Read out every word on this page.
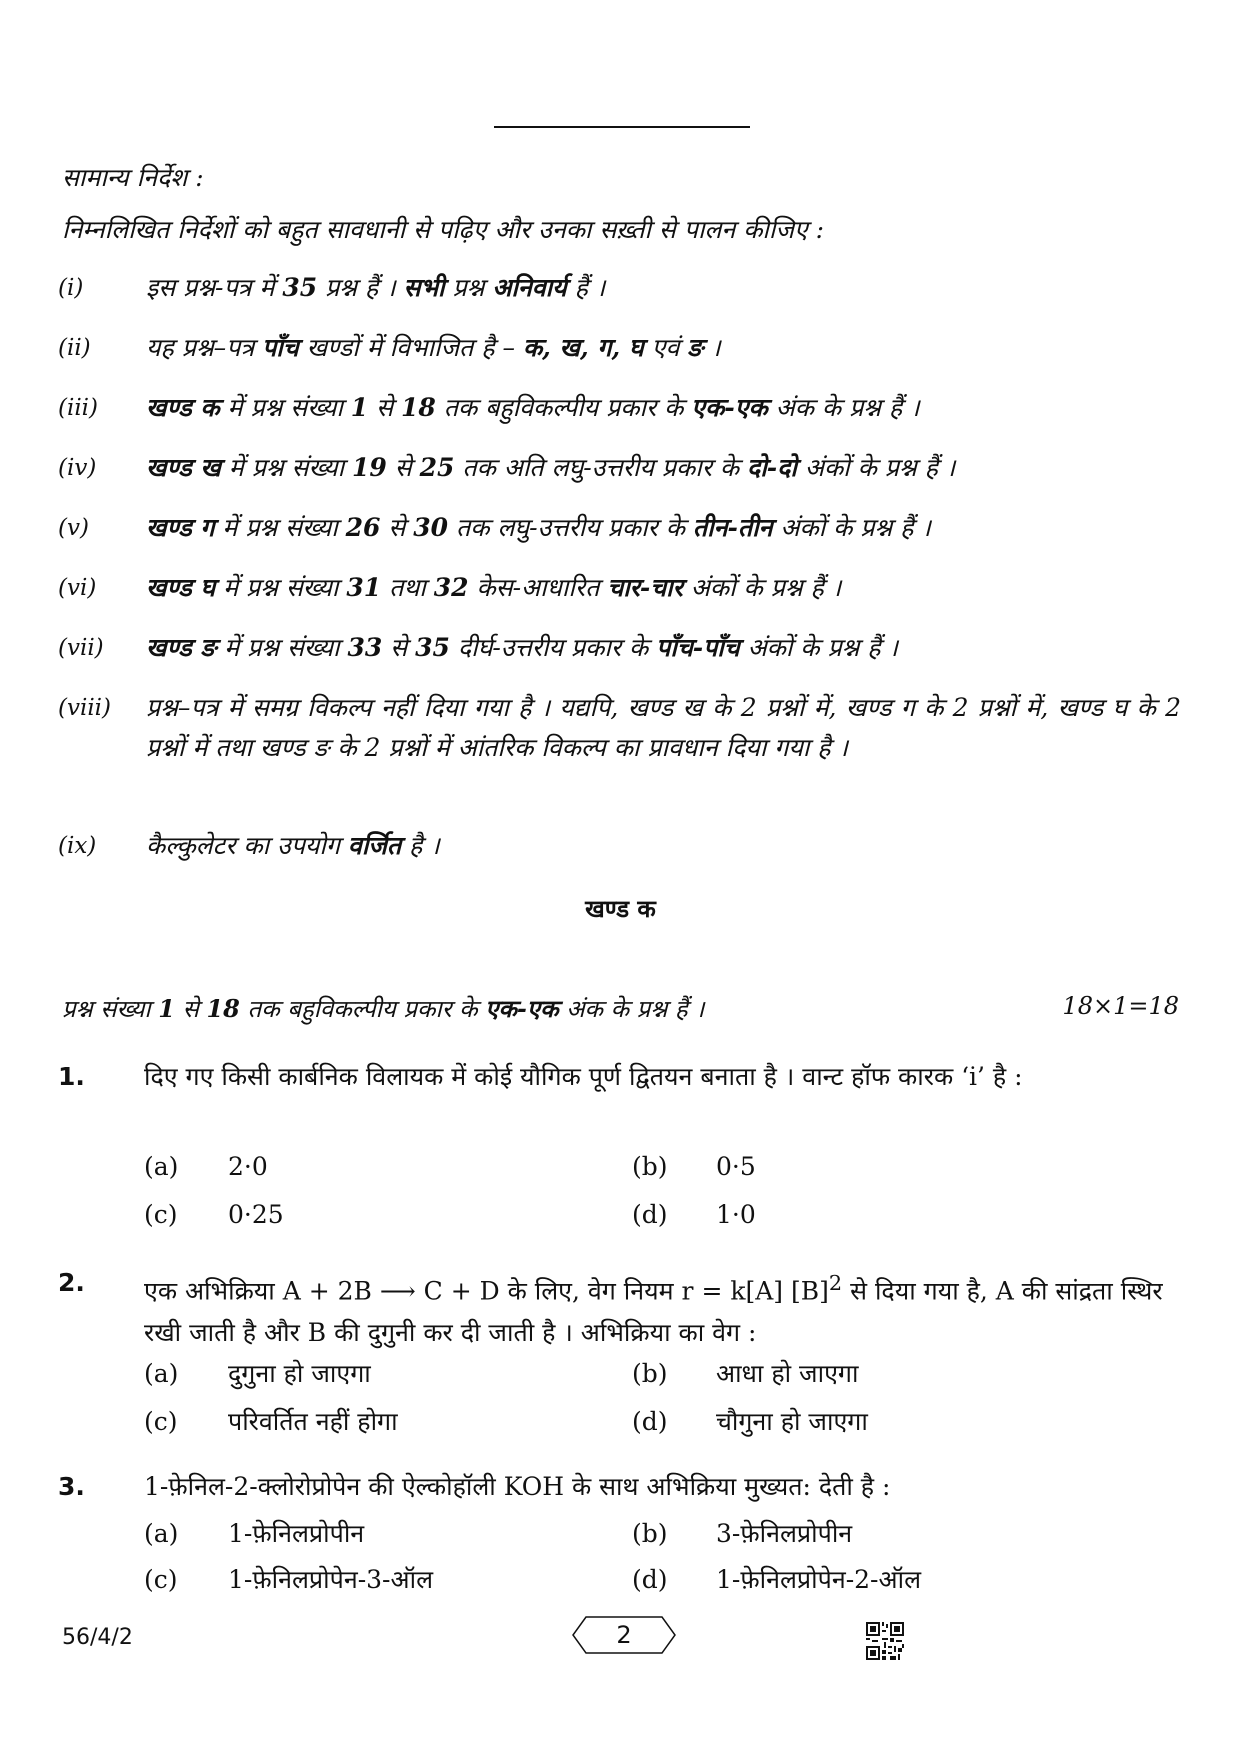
सामान्य निर्देश :
निम्नलिखित निर्देशों को बहुत सावधानी से पढ़िए और उनका सख़्ती से पालन कीजिए :
(i)	इस प्रश्न-पत्र में 35 प्रश्न हैं । सभी प्रश्न अनिवार्य हैं ।
(ii) यह प्रश्न–पत्र पाँच खण्डों में विभाजित है – क, ख, ग, घ एवं ङ ।
(iii) खण्ड क में प्रश्न संख्या 1 से 18 तक बहुविकल्पीय प्रकार के एक-एक अंक के प्रश्न हैं ।
(iv) खण्ड ख में प्रश्न संख्या 19 से 25 तक अति लघु-उत्तरीय प्रकार के दो-दो अंकों के प्रश्न हैं ।
(v) खण्ड ग में प्रश्न संख्या 26 से 30 तक लघु-उत्तरीय प्रकार के तीन-तीन अंकों के प्रश्न हैं ।
(vi) खण्ड घ में प्रश्न संख्या 31 तथा 32 केस-आधारित चार-चार अंकों के प्रश्न हैं ।
(vii) खण्ड ङ में प्रश्न संख्या 33 से 35 दीर्घ-उत्तरीय प्रकार के पाँच-पाँच अंकों के प्रश्न हैं ।
(viii) प्रश्न–पत्र में समग्र विकल्प नहीं दिया गया है । यद्यपि, खण्ड ख के 2 प्रश्नों में, खण्ड ग के 2 प्रश्नों में, खण्ड घ के 2 प्रश्नों में तथा खण्ड ङ के 2 प्रश्नों में आंतरिक विकल्प का प्रावधान दिया गया है ।
(ix) कैल्कुलेटर का उपयोग वर्जित है ।
खण्ड क
प्रश्न संख्या 1 से 18 तक बहुविकल्पीय प्रकार के एक-एक अंक के प्रश्न हैं ।	18×1=18
1. दिए गए किसी कार्बनिक विलायक में कोई यौगिक पूर्ण द्वितयन बनाता है । वान्ट हॉफ कारक ‘i’ है :
(a) 2·0	(b) 0·5
(c) 0·25	(d) 1·0
2. एक अभिक्रिया A + 2B ⟶ C + D के लिए, वेग नियम r = k[A] $[B]^2$ से दिया गया है, A की सांद्रता स्थिर रखी जाती है और B की दुगुनी कर दी जाती है । अभिक्रिया का वेग :
(a) दुगुना हो जाएगा	(b) आधा हो जाएगा
(c) परिवर्तित नहीं होगा	(d) चौगुना हो जाएगा
3. 1-फ़ेनिल-2-क्लोरोप्रोपेन की ऐल्कोहॉली KOH के साथ अभिक्रिया मुख्यत: देती है :
(a) 1-फ़ेनिलप्रोपीन	(b) 3-फ़ेनिलप्रोपीन
(c) 1-फ़ेनिलप्रोपेन-3-ऑल	(d) 1-फ़ेनिलप्रोपेन-2-ऑल
56/4/2	2
